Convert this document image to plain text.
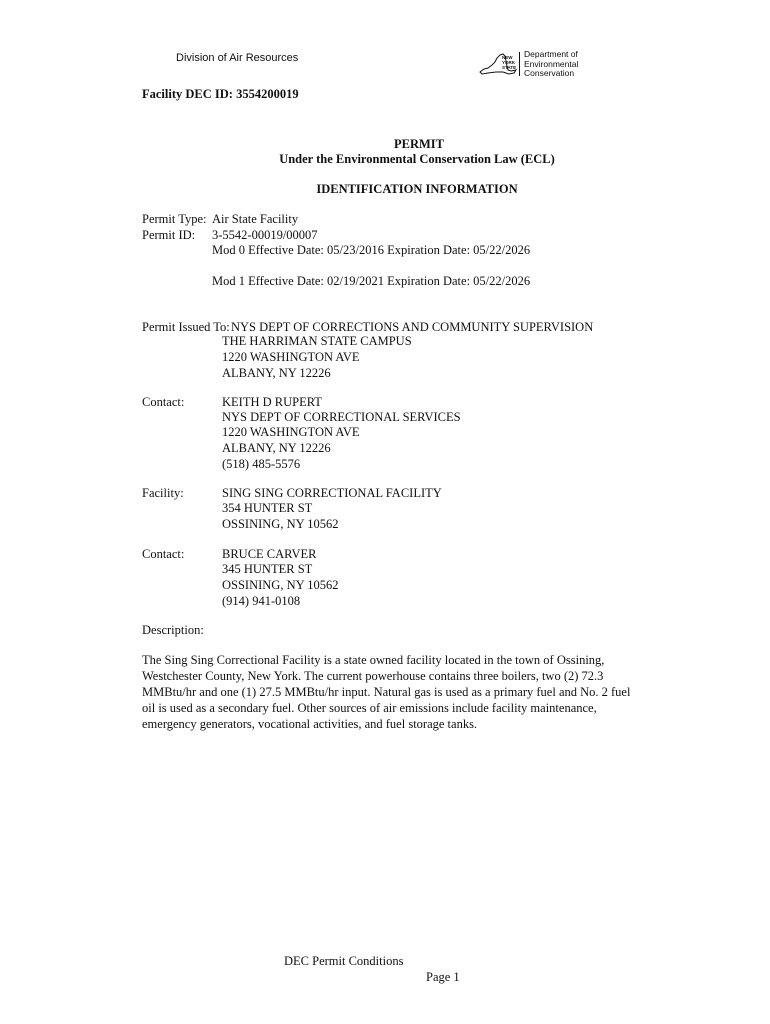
Division of Air Resources	NEW
YORK
STATE
Department of
Environmental
Conservation
Facility DEC ID: 3554200019
PERMIT
Under the Environmental Conservation Law (ECL)
IDENTIFICATION INFORMATION
Permit Type: Air State Facility
Permit ID: 3-5542-00019/00007
Mod 0 Effective Date: 05/23/2016 Expiration Date: 05/22/2026
Mod 1 Effective Date: 02/19/2021 Expiration Date: 05/22/2026
Permit Issued To: NYS DEPT OF CORRECTIONS AND COMMUNITY SUPERVISION
THE HARRIMAN STATE CAMPUS
1220 WASHINGTON AVE
ALBANY, NY 12226
Contact:	KEITH D RUPERT
NYS DEPT OF CORRECTIONAL SERVICES
1220 WASHINGTON AVE
ALBANY, NY 12226
(518) 485-5576
Facility:	SING SING CORRECTIONAL FACILITY
354 HUNTER ST
OSSINING, NY 10562
Contact:	BRUCE CARVER
345 HUNTER ST
OSSINING, NY 10562
(914) 941-0108
Description:
The Sing Sing Correctional Facility is a state owned facility located in the town of Ossining, Westchester County, New York. The current powerhouse contains three boilers, two (2) 72.3 MMBtu/hr and one (1) 27.5 MMBtu/hr input. Natural gas is used as a primary fuel and No. 2 fuel oil is used as a secondary fuel. Other sources of air emissions include facility maintenance, emergency generators, vocational activities, and fuel storage tanks.
DEC Permit Conditions
Page 1
